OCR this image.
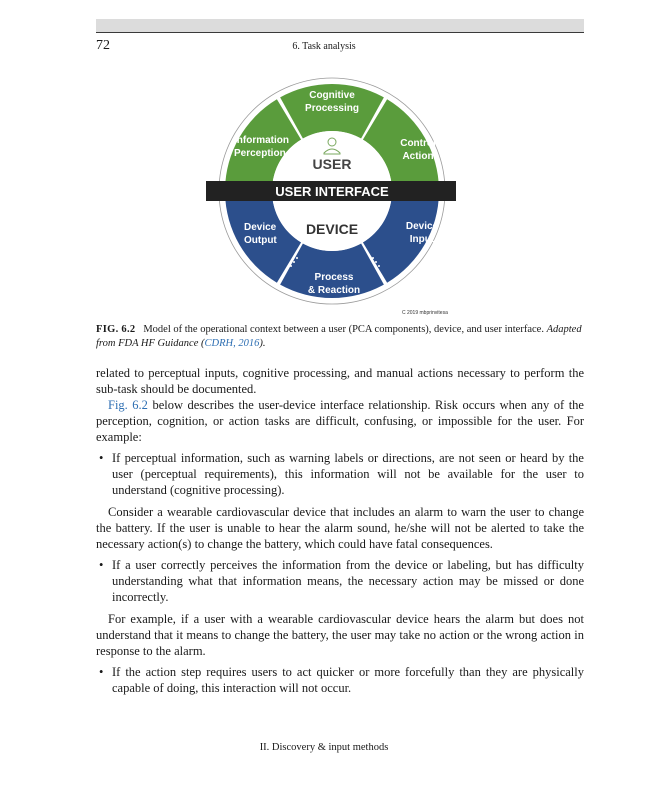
72	6. Task analysis
USER
USER INTERFACE
DEVICE
Cognitive
Processing
Information
Perception
Control
Action
Device
Output
Device
Input
Process
& Reaction
C 2019 mbprinvitesa
FIG. 6.2 Model of the operational context between a user (PCA components), device, and user interface. Adapted from FDA HF Guidance (CDRH, 2016).

related to perceptual inputs, cognitive processing, and manual actions necessary to perform the sub-task should be documented.

Fig. 6.2 below describes the user-device interface relationship. Risk occurs when any of the perception, cognition, or action tasks are difficult, confusing, or impossible for the user. For example:

• If perceptual information, such as warning labels or directions, are not seen or heard by the user (perceptual requirements), this information will not be available for the user to understand (cognitive processing).

Consider a wearable cardiovascular device that includes an alarm to warn the user to change the battery. If the user is unable to hear the alarm sound, he/she will not be alerted to take the necessary action(s) to change the battery, which could have fatal consequences.

• If a user correctly perceives the information from the device or labeling, but has difficulty understanding what that information means, the necessary action may be missed or done incorrectly.

For example, if a user with a wearable cardiovascular device hears the alarm but does not understand that it means to change the battery, the user may take no action or the wrong action in response to the alarm.

• If the action step requires users to act quicker or more forcefully than they are physically capable of doing, this interaction will not occur.
II. Discovery & input methods
